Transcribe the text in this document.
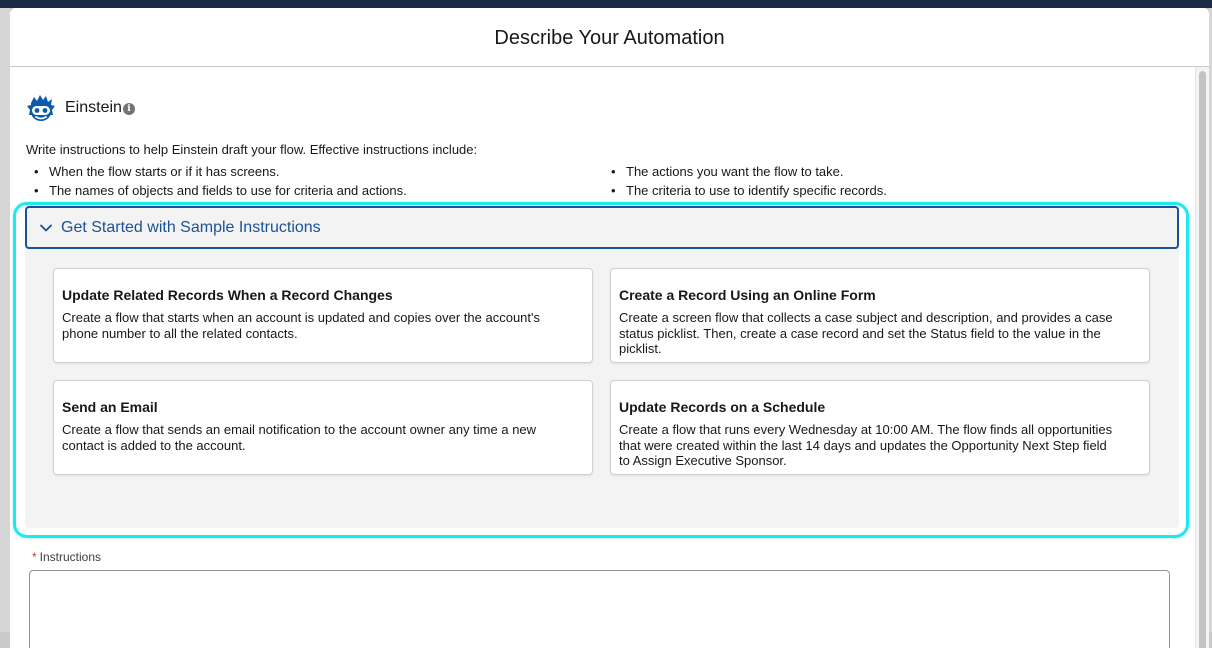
Describe Your Automation
Einstein i
Write instructions to help Einstein draft your flow. Effective instructions include:
• When the flow starts or if it has screens.
• The names of objects and fields to use for criteria and actions.
• The actions you want the flow to take.
• The criteria to use to identify specific records.
Get Started with Sample Instructions
Update Related Records When a Record Changes
Create a flow that starts when an account is updated and copies over the account's phone number to all the related contacts.
Create a Record Using an Online Form
Create a screen flow that collects a case subject and description, and provides a case status picklist. Then, create a case record and set the Status field to the value in the picklist.
Send an Email
Create a flow that sends an email notification to the account owner any time a new contact is added to the account.
Update Records on a Schedule
Create a flow that runs every Wednesday at 10:00 AM. The flow finds all opportunities that were created within the last 14 days and updates the Opportunity Next Step field to Assign Executive Sponsor.
* Instructions
